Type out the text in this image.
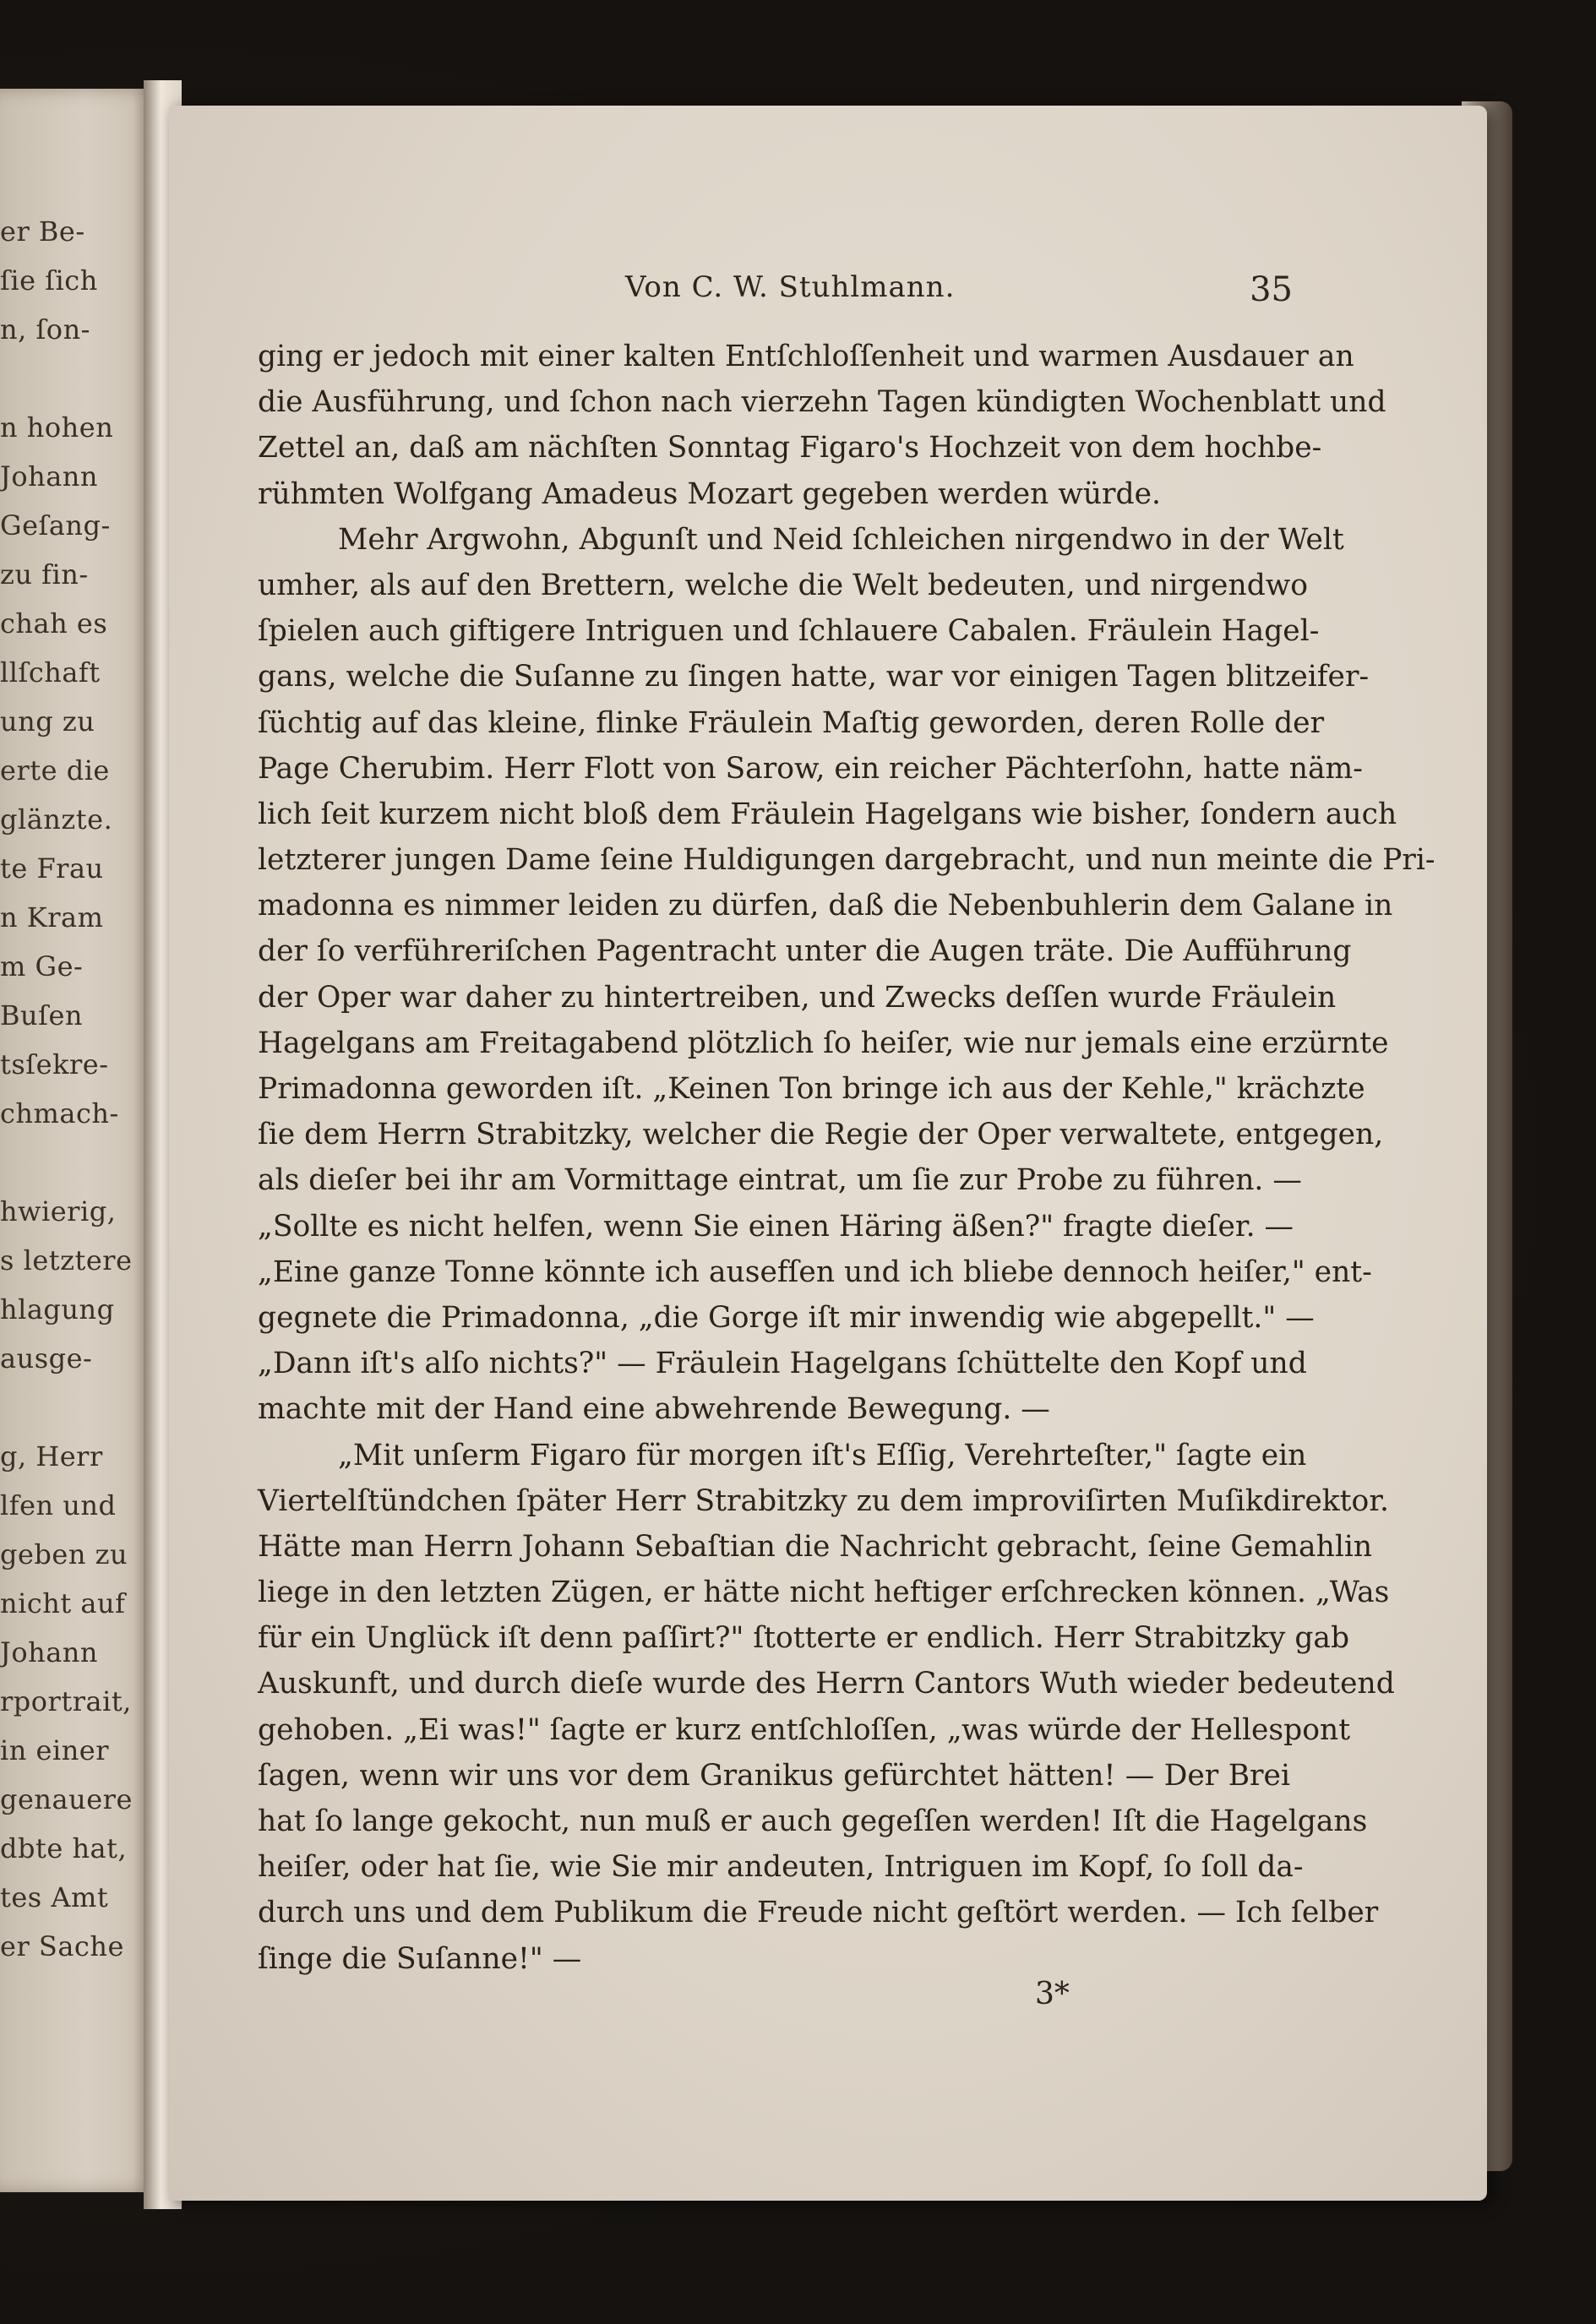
er Be-
ſie ſich
n, ſon-
n hohen
Johann
Geſang-
zu fin-
chah es
llſchaft
ung zu
erte die
glänzte.
te Frau
n Kram
m Ge-
Buſen
tsſekre-
chmach-
hwierig,
s letztere
hlagung
ausge-
g, Herr
lfen und
geben zu
nicht auf
Johann
rportrait,
in einer
genauere
dbte hat,
tes Amt
er Sache
Von C. W. Stuhlmann.	35
ging er jedoch mit einer kalten Entſchloſſenheit und warmen Ausdauer an
die Ausführung, und ſchon nach vierzehn Tagen kündigten Wochenblatt und
Zettel an, daß am nächſten Sonntag Figaro's Hochzeit von dem hochbe-
rühmten Wolfgang Amadeus Mozart gegeben werden würde.
Mehr Argwohn, Abgunſt und Neid ſchleichen nirgendwo in der Welt
umher, als auf den Brettern, welche die Welt bedeuten, und nirgendwo
ſpielen auch giftigere Intriguen und ſchlauere Cabalen. Fräulein Hagel-
gans, welche die Suſanne zu ſingen hatte, war vor einigen Tagen blitzeifer-
ſüchtig auf das kleine, flinke Fräulein Maſtig geworden, deren Rolle der
Page Cherubim. Herr Flott von Sarow, ein reicher Pächterſohn, hatte näm-
lich ſeit kurzem nicht bloß dem Fräulein Hagelgans wie bisher, ſondern auch
letzterer jungen Dame ſeine Huldigungen dargebracht, und nun meinte die Pri-
madonna es nimmer leiden zu dürfen, daß die Nebenbuhlerin dem Galane in
der ſo verführeriſchen Pagentracht unter die Augen träte. Die Aufführung
der Oper war daher zu hintertreiben, und Zwecks deſſen wurde Fräulein
Hagelgans am Freitagabend plötzlich ſo heiſer, wie nur jemals eine erzürnte
Primadonna geworden iſt. „Keinen Ton bringe ich aus der Kehle," krächzte
ſie dem Herrn Strabitzky, welcher die Regie der Oper verwaltete, entgegen,
als dieſer bei ihr am Vormittage eintrat, um ſie zur Probe zu führen. —
„Sollte es nicht helfen, wenn Sie einen Häring äßen?" fragte dieſer. —
„Eine ganze Tonne könnte ich ausefſen und ich bliebe dennoch heiſer," ent-
gegnete die Primadonna, „die Gorge iſt mir inwendig wie abgepellt." —
„Dann iſt's alſo nichts?" — Fräulein Hagelgans ſchüttelte den Kopf und
machte mit der Hand eine abwehrende Bewegung. —
„Mit unſerm Figaro für morgen iſt's Eſſig, Verehrteſter," ſagte ein
Viertelſtündchen ſpäter Herr Strabitzky zu dem improviſirten Muſikdirektor.
Hätte man Herrn Johann Sebaſtian die Nachricht gebracht, ſeine Gemahlin
liege in den letzten Zügen, er hätte nicht heftiger erſchrecken können. „Was
für ein Unglück iſt denn paſſirt?" ſtotterte er endlich. Herr Strabitzky gab
Auskunft, und durch dieſe wurde des Herrn Cantors Wuth wieder bedeutend
gehoben. „Ei was!" ſagte er kurz entſchloſſen, „was würde der Hellespont
ſagen, wenn wir uns vor dem Granikus gefürchtet hätten! — Der Brei
hat ſo lange gekocht, nun muß er auch gegeſſen werden! Iſt die Hagelgans
heiſer, oder hat ſie, wie Sie mir andeuten, Intriguen im Kopf, ſo ſoll da-
durch uns und dem Publikum die Freude nicht geſtört werden. — Ich ſelber
ſinge die Suſanne!" —
3*
